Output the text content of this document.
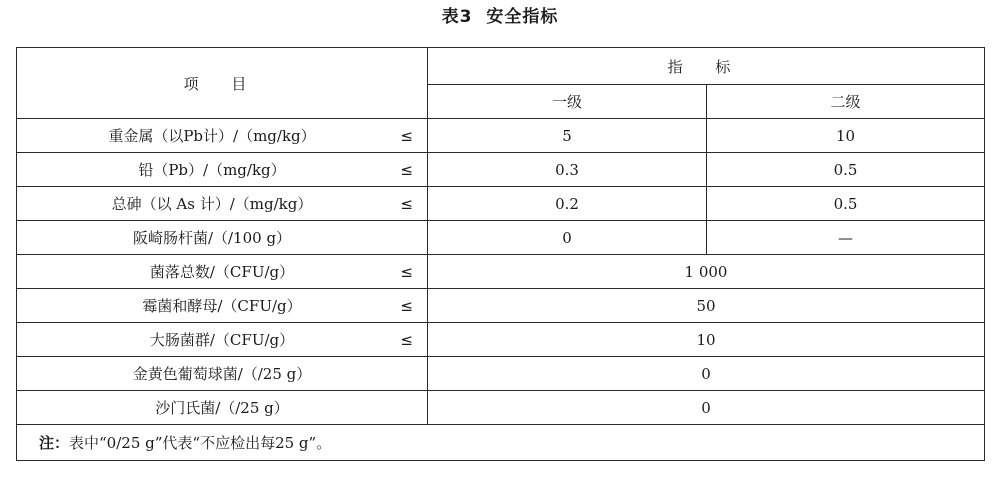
表3 安全指标
项 目	指 标	
	一级	二级
重金属（以Pb计）/（mg/kg） ≤	5	10
铅（Pb）/（mg/kg） ≤	0.3	0.5
总砷（以 As 计）/（mg/kg） ≤	0.2	0.5
阪崎肠杆菌/（/100 g）	0	—
菌落总数/（CFU/g） ≤	1 000	
霉菌和酵母/（CFU/g） ≤	50	
大肠菌群/（CFU/g） ≤	10	
金黄色葡萄球菌/（/25 g）	0	
沙门氏菌/（/25 g）	0	
注：表中“0/25 g”代表“不应检出每25 g”。		
